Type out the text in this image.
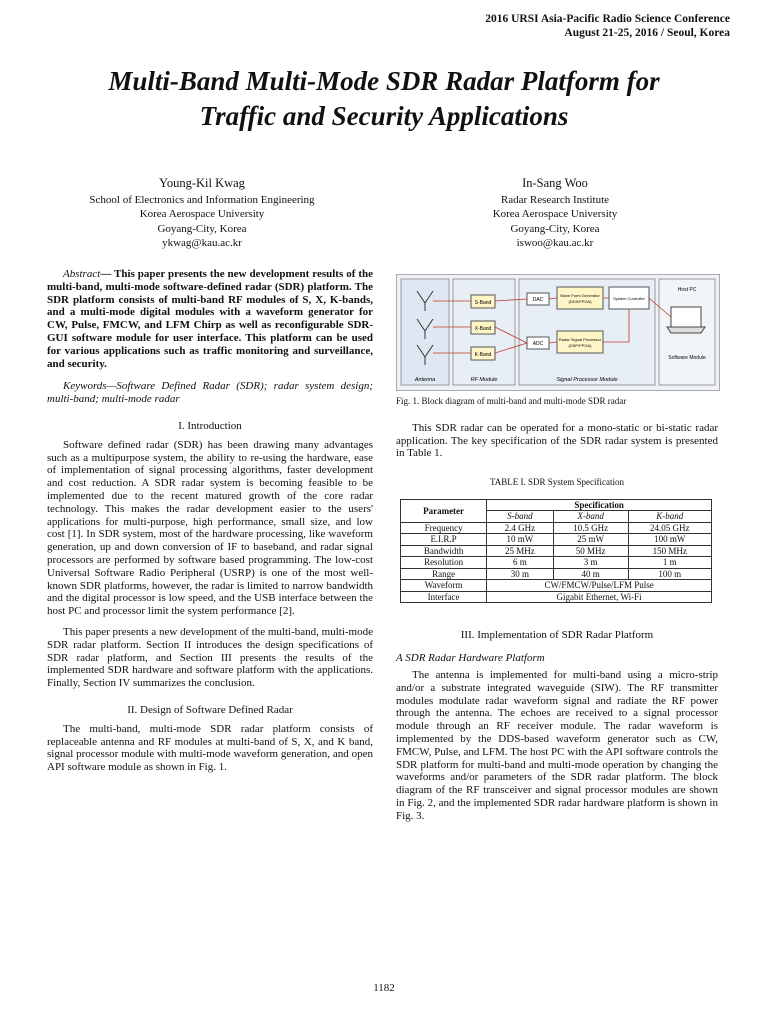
2016 URSI Asia-Pacific Radio Science Conference
August 21-25, 2016 / Seoul, Korea
Multi-Band Multi-Mode SDR Radar Platform for
Traffic and Security Applications
Young-Kil Kwag
School of Electronics and Information Engineering
Korea Aerospace University
Goyang-City, Korea
ykwag@kau.ac.kr
In-Sang Woo
Radar Research Institute
Korea Aerospace University
Goyang-City, Korea
iswoo@kau.ac.kr

Abstract— This paper presents the new development results of the multi-band, multi-mode software-defined radar (SDR) platform. The SDR platform consists of multi-band RF modules of S, X, K-bands, and a multi-mode digital modules with a waveform generator for CW, Pulse, FMCW, and LFM Chirp as well as reconfigurable SDR-GUI software module for user interface. This platform can be used for various applications such as traffic monitoring and surveillance, and security.

Keywords—Software Defined Radar (SDR); radar system design; multi-band; multi-mode radar

I. Introduction

Software defined radar (SDR) has been drawing many advantages such as a multipurpose system, the ability to re-using the hardware, ease of implementation of signal processing algorithms, faster development and cost reduction. A SDR radar system is becoming feasible to be implemented due to the recent matured growth of the core radar technology. This makes the radar development easier to the users' applications for multi-purpose, high performance, small size, and low cost [1]. In SDR system, most of the hardware processing, like waveform generation, up and down conversion of IF to baseband, and radar signal processors are performed by software based programming. The low-cost Universal Software Radio Peripheral (USRP) is one of the most well-known SDR platforms, however, the radar is limited to narrow bandwidth and the digital processor is low speed, and the USB interface between the host PC and processor limit the system performance [2].

This paper presents a new development of the multi-band, multi-mode SDR radar platform. Section II introduces the design specifications of SDR radar platform, and Section III presents the results of the implemented SDR hardware and software platform with the applications. Finally, Section IV summarizes the conclusion.

II. Design of Software Defined Radar

The multi-band, multi-mode SDR radar platform consists of replaceable antenna and RF modules at multi-band of S, X, and K band, signal processor module with multi-mode waveform generation, and open API software module as shown in Fig. 1.

S-Band
X-Band
K-Band
DAC
ADC
Wave Form Generator
(DDS/FPGA)
Radar Signal Processor
(DSP/FPGA)
System Controller
Host PC
Software Module
Antenna	RF Module	Signal Processor Module
Fig. 1. Block diagram of multi-band and multi-mode SDR radar

This SDR radar can be operated for a mono-static or bi-static radar application. The key specification of the SDR radar system is presented in Table 1.

TABLE I. SDR System Specification
Parameter	Specification		
	S-band	X-band	K-band
Frequency	2.4 GHz	10.5 GHz	24.05 GHz
E.I.R.P	10 mW	25 mW	100 mW
Bandwidth	25 MHz	50 MHz	150 MHz
Resolution	6 m	3 m	1 m
Range	30 m	40 m	100 m
Waveform	CW/FMCW/Pulse/LFM Pulse		
Interface	Gigabit Ethernet, Wi-Fi		
III. Implementation of SDR Radar Platform
A SDR Radar Hardware Platform

The antenna is implemented for multi-band using a micro-strip and/or a substrate integrated waveguide (SIW). The RF transmitter modules modulate radar waveform signal and radiate the RF power through the antenna. The echoes are received to a signal processor module through an RF receiver module. The radar waveform is implemented by the DDS-based waveform generator such as CW, FMCW, Pulse, and LFM. The host PC with the API software controls the SDR platform for multi-band and multi-mode operation by changing the waveforms and/or parameters of the SDR radar platform. The block diagram of the RF transceiver and signal processor modules are shown in Fig. 2, and the implemented SDR radar hardware platform is shown in Fig. 3.

1182
